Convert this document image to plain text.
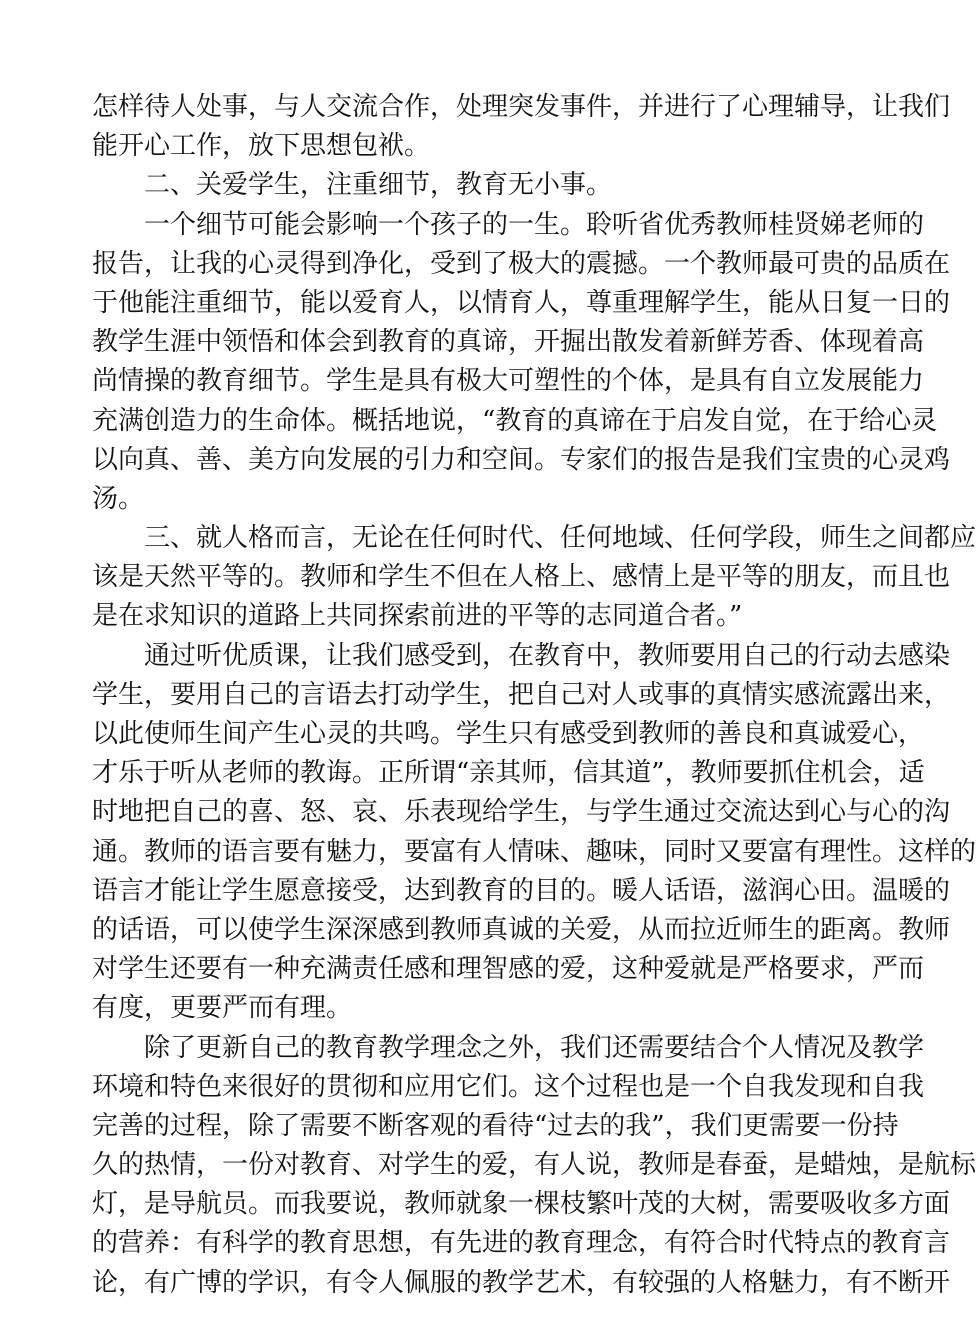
怎样待人处事，与人交流合作，处理突发事件，并进行了心理辅导，让我们
能开心工作，放下思想包袱。
　　二、关爱学生，注重细节，教育无小事。
　　一个细节可能会影响一个孩子的一生。聆听省优秀教师桂贤娣老师的
报告，让我的心灵得到净化，受到了极大的震撼。一个教师最可贵的品质在
于他能注重细节，能以爱育人，以情育人，尊重理解学生，能从日复一日的
教学生涯中领悟和体会到教育的真谛，开掘出散发着新鲜芳香、体现着高
尚情操的教育细节。学生是具有极大可塑性的个体，是具有自立发展能力
充满创造力的生命体。概括地说，“教育的真谛在于启发自觉，在于给心灵
以向真、善、美方向发展的引力和空间。专家们的报告是我们宝贵的心灵鸡
汤。
　　三、就人格而言，无论在任何时代、任何地域、任何学段，师生之间都应
该是天然平等的。教师和学生不但在人格上、感情上是平等的朋友，而且也
是在求知识的道路上共同探索前进的平等的志同道合者。”
　　通过听优质课，让我们感受到，在教育中，教师要用自己的行动去感染
学生，要用自己的言语去打动学生，把自己对人或事的真情实感流露出来，
以此使师生间产生心灵的共鸣。学生只有感受到教师的善良和真诚爱心，
才乐于听从老师的教诲。正所谓“亲其师，信其道”，教师要抓住机会，适
时地把自己的喜、怒、哀、乐表现给学生，与学生通过交流达到心与心的沟
通。教师的语言要有魅力，要富有人情味、趣味，同时又要富有理性。这样的
语言才能让学生愿意接受，达到教育的目的。暖人话语，滋润心田。温暖的
的话语，可以使学生深深感到教师真诚的关爱，从而拉近师生的距离。教师
对学生还要有一种充满责任感和理智感的爱，这种爱就是严格要求，严而
有度，更要严而有理。
　　除了更新自己的教育教学理念之外，我们还需要结合个人情况及教学
环境和特色来很好的贯彻和应用它们。这个过程也是一个自我发现和自我
完善的过程，除了需要不断客观的看待“过去的我”，我们更需要一份持
久的热情，一份对教育、对学生的爱，有人说，教师是春蚕，是蜡烛，是航标
灯，是导航员。而我要说，教师就象一棵枝繁叶茂的大树，需要吸收多方面
的营养：有科学的教育思想，有先进的教育理念，有符合时代特点的教育言
论，有广博的学识，有令人佩服的教学艺术，有较强的人格魅力，有不断开
